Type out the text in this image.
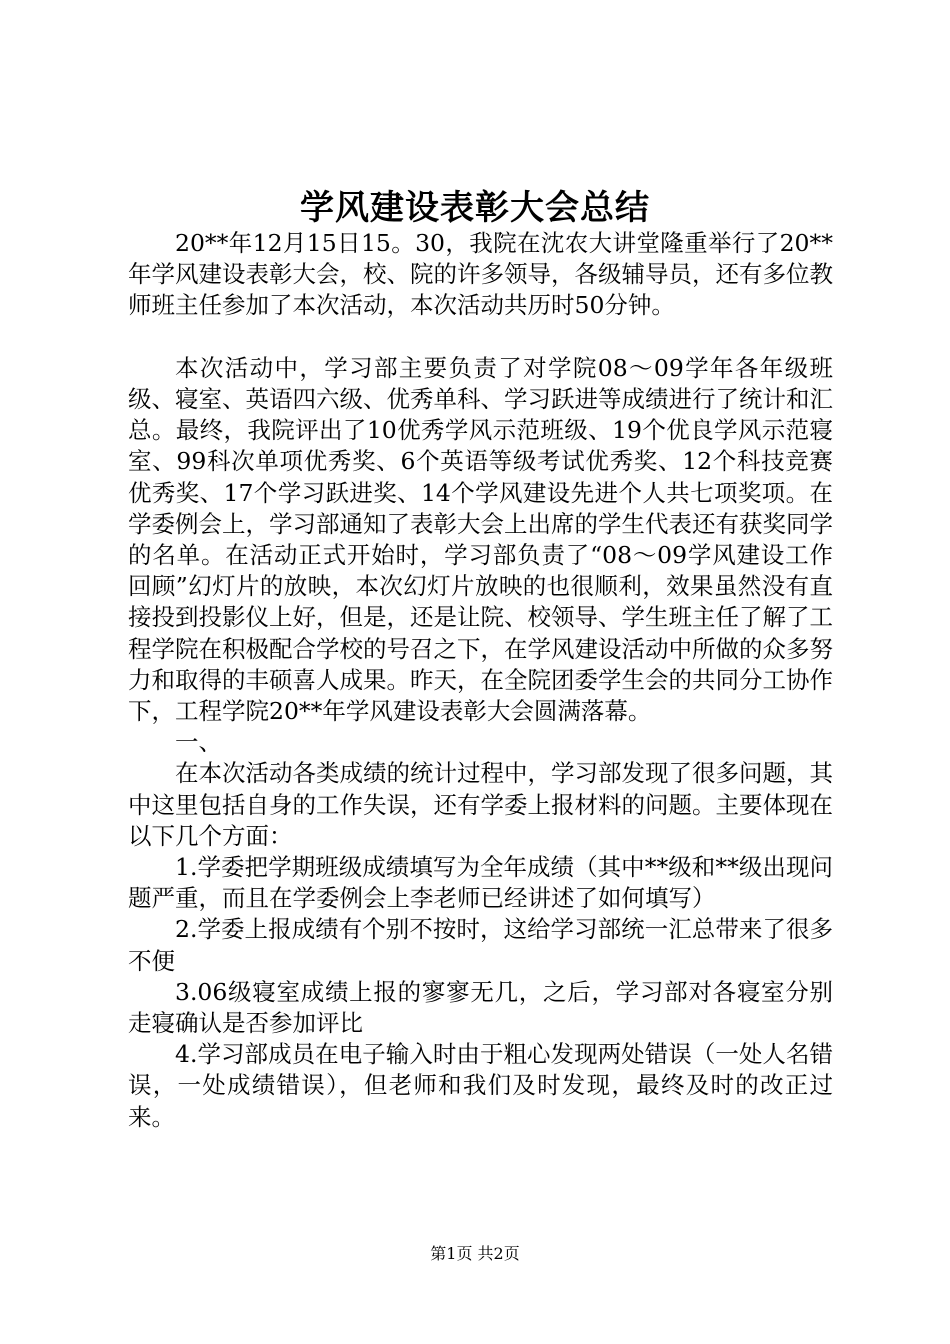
学风建设表彰大会总结

20**年12月15日15。30，我院在沈农大讲堂隆重举行了20**年学风建设表彰大会，校、院的许多领导，各级辅导员，还有多位教师班主任参加了本次活动，本次活动共历时50分钟。

本次活动中，学习部主要负责了对学院08～09学年各年级班级、寝室、英语四六级、优秀单科、学习跃进等成绩进行了统计和汇总。最终，我院评出了10优秀学风示范班级、19个优良学风示范寝室、99科次单项优秀奖、6个英语等级考试优秀奖、12个科技竞赛优秀奖、17个学习跃进奖、14个学风建设先进个人共七项奖项。在学委例会上，学习部通知了表彰大会上出席的学生代表还有获奖同学的名单。在活动正式开始时，学习部负责了“08～09学风建设工作回顾”幻灯片的放映，本次幻灯片放映的也很顺利，效果虽然没有直接投到投影仪上好，但是，还是让院、校领导、学生班主任了解了工程学院在积极配合学校的号召之下，在学风建设活动中所做的众多努力和取得的丰硕喜人成果。昨天，在全院团委学生会的共同分工协作下，工程学院20**年学风建设表彰大会圆满落幕。

一、

在本次活动各类成绩的统计过程中，学习部发现了很多问题，其中这里包括自身的工作失误，还有学委上报材料的问题。主要体现在以下几个方面：

1.学委把学期班级成绩填写为全年成绩（其中**级和**级出现问题严重，而且在学委例会上李老师已经讲述了如何填写）

2.学委上报成绩有个别不按时，这给学习部统一汇总带来了很多不便

3.06级寝室成绩上报的寥寥无几，之后，学习部对各寝室分别走寝确认是否参加评比

4.学习部成员在电子输入时由于粗心发现两处错误（一处人名错误，一处成绩错误），但老师和我们及时发现，最终及时的改正过来。

第1页 共2页
